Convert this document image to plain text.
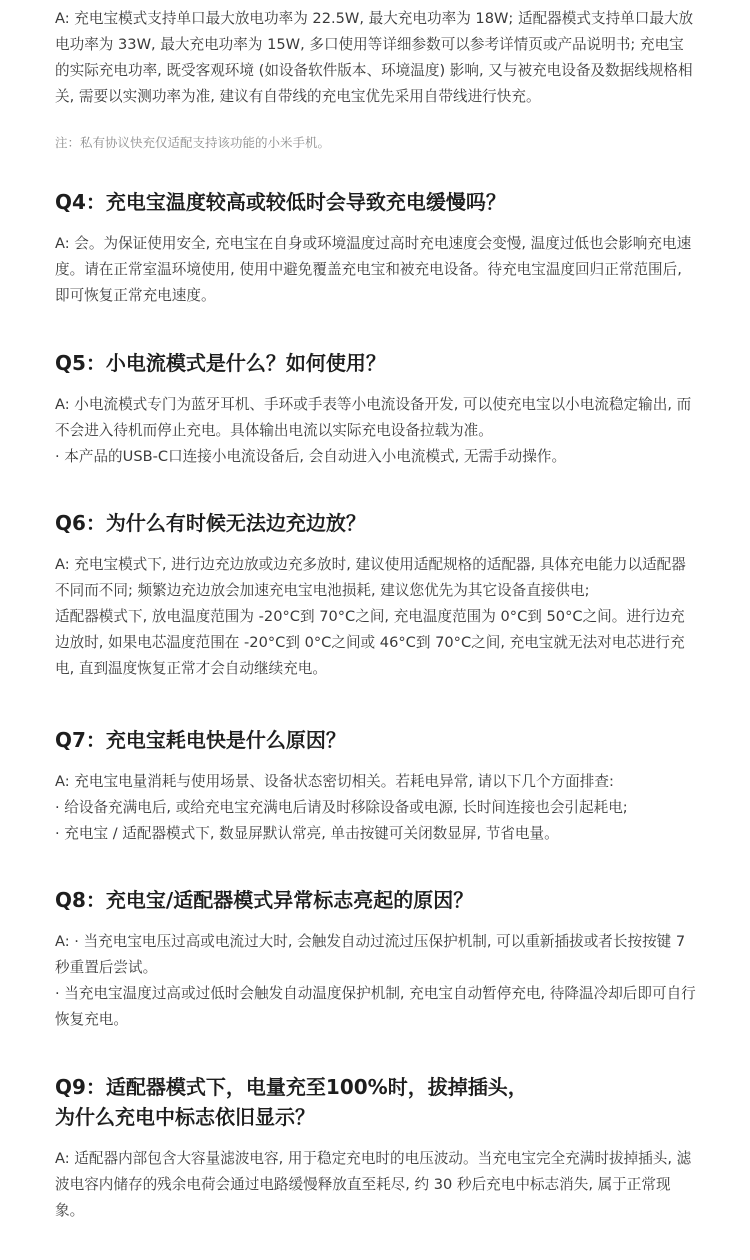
A: 充电宝模式支持单口最大放电功率为 22.5W, 最大充电功率为 18W; 适配器模式支持单口最大放电功率为 33W, 最大充电功率为 15W, 多口使用等详细参数可以参考详情页或产品说明书; 充电宝的实际充电功率, 既受客观环境 (如设备软件版本、环境温度) 影响, 又与被充电设备及数据线规格相关, 需要以实测功率为准, 建议有自带线的充电宝优先采用自带线进行快充。

注：私有协议快充仅适配支持该功能的小米手机。

Q4：充电宝温度较高或较低时会导致充电缓慢吗？

A: 会。为保证使用安全, 充电宝在自身或环境温度过高时充电速度会变慢, 温度过低也会影响充电速度。请在正常室温环境使用, 使用中避免覆盖充电宝和被充电设备。待充电宝温度回归正常范围后, 即可恢复正常充电速度。

Q5：小电流模式是什么？如何使用？

A: 小电流模式专门为蓝牙耳机、手环或手表等小电流设备开发, 可以使充电宝以小电流稳定输出, 而不会进入待机而停止充电。具体输出电流以实际充电设备拉载为准。

· 本产品的USB-C口连接小电流设备后, 会自动进入小电流模式, 无需手动操作。

Q6：为什么有时候无法边充边放？

A: 充电宝模式下, 进行边充边放或边充多放时, 建议使用适配规格的适配器, 具体充电能力以适配器不同而不同; 频繁边充边放会加速充电宝电池损耗, 建议您优先为其它设备直接供电;

适配器模式下, 放电温度范围为 -20°C到 70°C之间, 充电温度范围为 0°C到 50°C之间。进行边充边放时, 如果电芯温度范围在 -20°C到 0°C之间或 46°C到 70°C之间, 充电宝就无法对电芯进行充电, 直到温度恢复正常才会自动继续充电。

Q7：充电宝耗电快是什么原因？

A: 充电宝电量消耗与使用场景、设备状态密切相关。若耗电异常, 请以下几个方面排查:

· 给设备充满电后, 或给充电宝充满电后请及时移除设备或电源, 长时间连接也会引起耗电;

· 充电宝 / 适配器模式下, 数显屏默认常亮, 单击按键可关闭数显屏, 节省电量。

Q8：充电宝/适配器模式异常标志亮起的原因？

A: · 当充电宝电压过高或电流过大时, 会触发自动过流过压保护机制, 可以重新插拔或者长按按键 7 秒重置后尝试。

· 当充电宝温度过高或过低时会触发自动温度保护机制, 充电宝自动暂停充电, 待降温冷却后即可自行恢复充电。

Q9：适配器模式下，电量充至100%时，拔掉插头，
为什么充电中标志依旧显示？

A: 适配器内部包含大容量滤波电容, 用于稳定充电时的电压波动。当充电宝完全充满时拔掉插头, 滤波电容内储存的残余电荷会通过电路缓慢释放直至耗尽, 约 30 秒后充电中标志消失, 属于正常现象。
